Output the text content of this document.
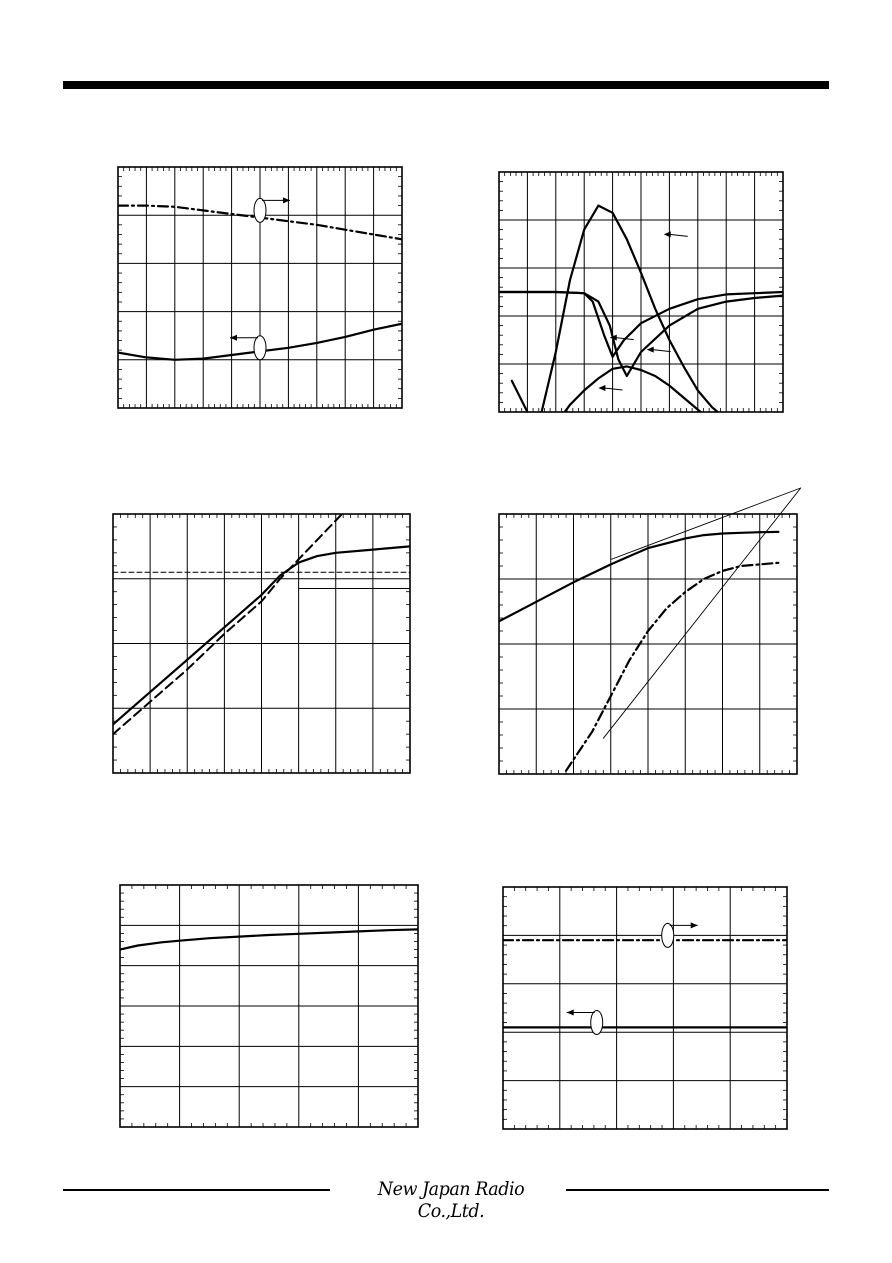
New Japan Radio Co.,Ltd.
